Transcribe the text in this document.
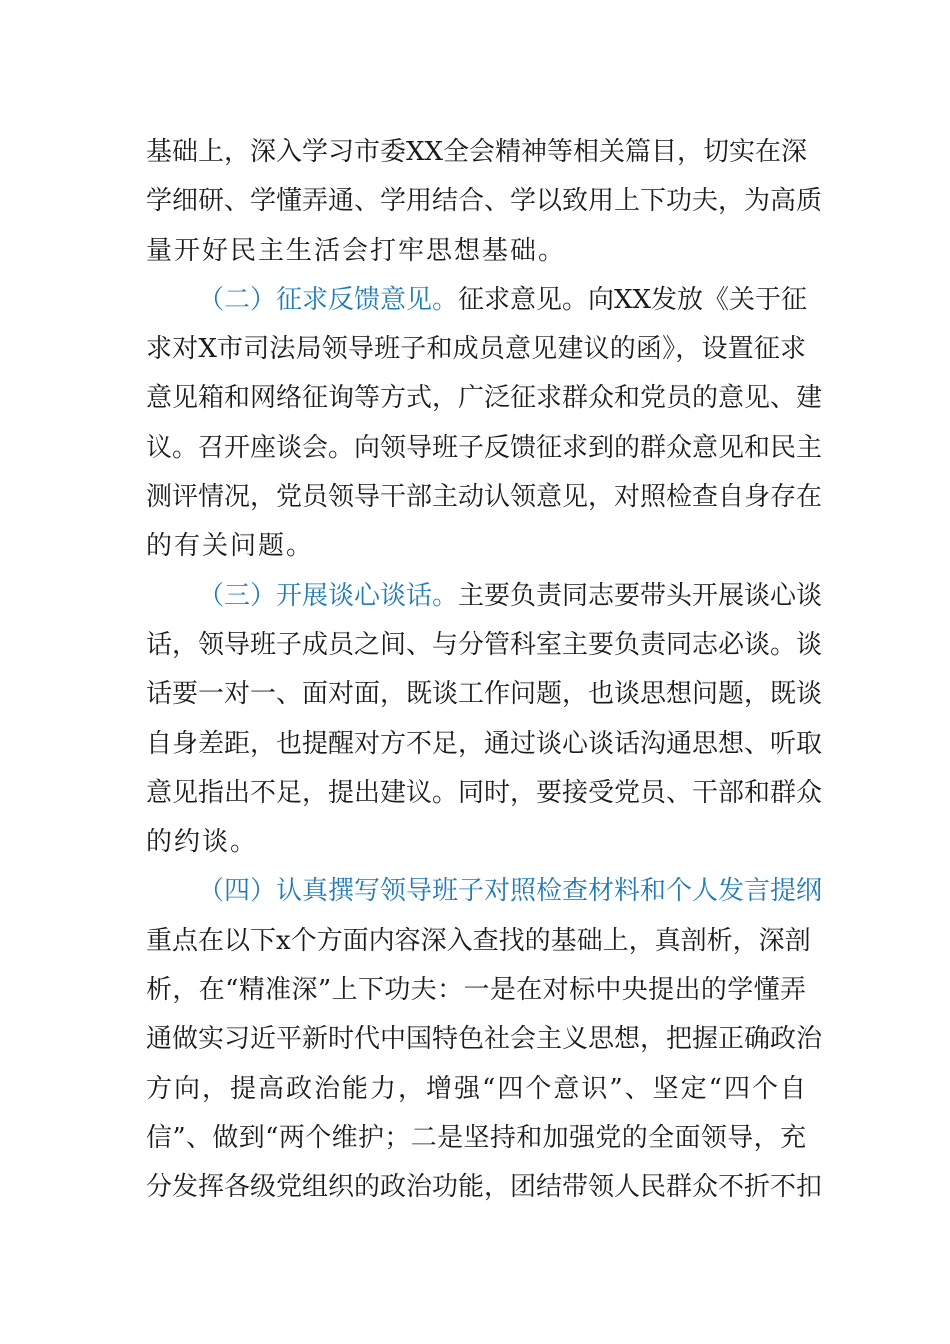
基础上，深入学习市委XX全会精神等相关篇目，切实在深
学细研、学懂弄通、学用结合、学以致用上下功夫，为高质
量开好民主生活会打牢思想基础。
（二）征求反馈意见。征求意见。向XX发放《关于征
求对X市司法局领导班子和成员意见建议的函》，设置征求
意见箱和网络征询等方式，广泛征求群众和党员的意见、建
议。召开座谈会。向领导班子反馈征求到的群众意见和民主
测评情况，党员领导干部主动认领意见，对照检查自身存在
的有关问题。
（三）开展谈心谈话。主要负责同志要带头开展谈心谈
话，领导班子成员之间、与分管科室主要负责同志必谈。谈
话要一对一、面对面，既谈工作问题，也谈思想问题，既谈
自身差距，也提醒对方不足，通过谈心谈话沟通思想、听取
意见指出不足，提出建议。同时，要接受党员、干部和群众
的约谈。
（四）认真撰写领导班子对照检查材料和个人发言提纲
重点在以下x个方面内容深入查找的基础上，真剖析，深剖
析，在“精准深”上下功夫：一是在对标中央提出的学懂弄
通做实习近平新时代中国特色社会主义思想，把握正确政治
方向，提高政治能力，增强“四个意识”、坚定“四个自
信”、做到“两个维护；二是坚持和加强党的全面领导，充
分发挥各级党组织的政治功能，团结带领人民群众不折不扣
